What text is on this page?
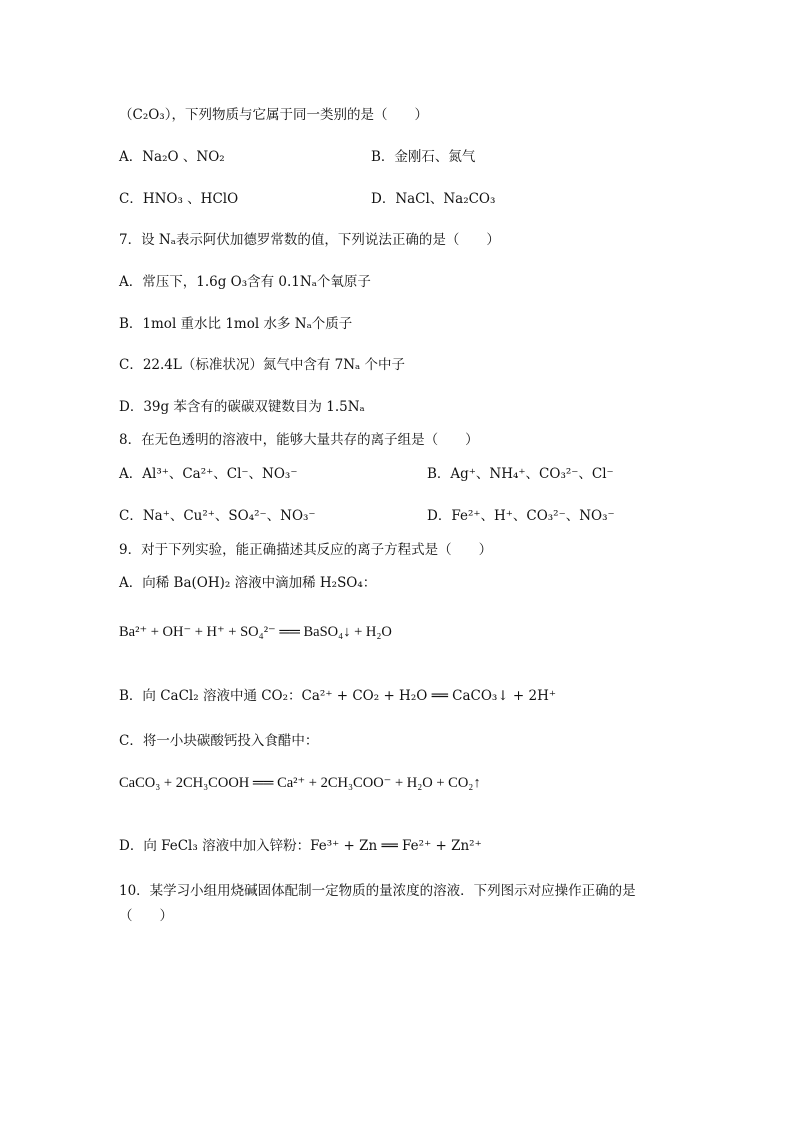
（C₂O₃），下列物质与它属于同一类别的是（　　）
A．Na₂O 、NO₂	B．金刚石、氮气
C．HNO₃ 、HClO	D．NaCl、Na₂CO₃
7．设 Nₐ表示阿伏加德罗常数的值，下列说法正确的是（　　）
A．常压下，1.6g O₃含有 0.1Nₐ个氧原子
B．1mol 重水比 1mol 水多 Nₐ个质子
C．22.4L（标准状况）氮气中含有 7Nₐ 个中子
D．39g 苯含有的碳碳双键数目为 1.5Nₐ
8．在无色透明的溶液中，能够大量共存的离子组是（　　）
A．Al³⁺、Ca²⁺、Cl⁻、NO₃⁻	B．Ag⁺、NH₄⁺、CO₃²⁻、Cl⁻
C．Na⁺、Cu²⁺、SO₄²⁻、NO₃⁻	D．Fe²⁺、H⁺、CO₃²⁻、NO₃⁻
9．对于下列实验，能正确描述其反应的离子方程式是（　　）
A．向稀 Ba(OH)₂ 溶液中滴加稀 H₂SO₄：
Ba²⁺ + OH⁻ + H⁺ + SO₄²⁻ ══ BaSO₄↓ + H₂O
B．向 CaCl₂ 溶液中通 CO₂：Ca²⁺ + CO₂ + H₂O ══ CaCO₃↓ + 2H⁺
C．将一小块碳酸钙投入食醋中：
CaCO₃ + 2CH₃COOH ══ Ca²⁺ + 2CH₃COO⁻ + H₂O + CO₂↑
D．向 FeCl₃ 溶液中加入锌粉：Fe³⁺ + Zn ══ Fe²⁺ + Zn²⁺
10．某学习小组用烧碱固体配制一定物质的量浓度的溶液．下列图示对应操作正确的是
（　　）
